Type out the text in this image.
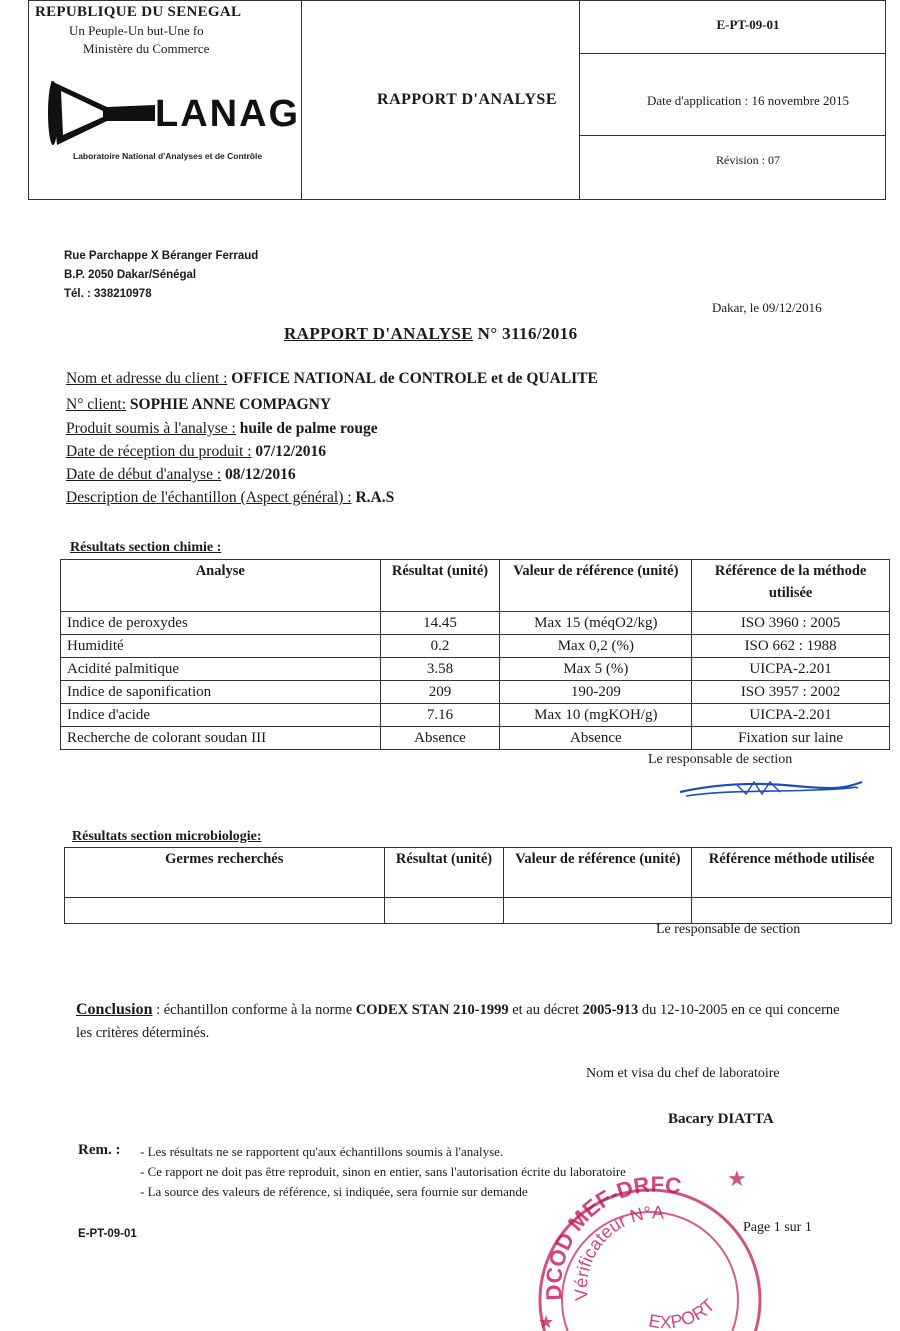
REPUBLIQUE DU SENEGAL
Un Peuple-Un but-Une fo
Ministère du Commerce
LANAG
Laboratoire National d'Analyses et de Contrôle
RAPPORT D'ANALYSE
E-PT-09-01
Date d'application : 16 novembre 2015
Révision : 07
Rue Parchappe X Béranger Ferraud
B.P. 2050 Dakar/Sénégal
Tél. : 338210978
Dakar, le 09/12/2016
RAPPORT D'ANALYSE N° 3116/2016
Nom et adresse du client : OFFICE NATIONAL de CONTROLE et de QUALITE
N° client: SOPHIE ANNE COMPAGNY
Produit soumis à l'analyse : huile de palme rouge
Date de réception du produit : 07/12/2016
Date de début d'analyse : 08/12/2016
Description de l'échantillon (Aspect général) : R.A.S
Résultats section chimie :
Analyse	Résultat (unité)	Valeur de référence (unité)	Référence de la méthode utilisée
Indice de peroxydes	14.45	Max 15 (méqO2/kg)	ISO 3960 : 2005
Humidité	0.2	Max 0,2 (%)	ISO 662 : 1988
Acidité palmitique	3.58	Max 5 (%)	UICPA-2.201
Indice de saponification	209	190-209	ISO 3957 : 2002
Indice d'acide	7.16	Max 10 (mgKOH/g)	UICPA-2.201
Recherche de colorant soudan III	Absence	Absence	Fixation sur laine
Le responsable de section
Résultats section microbiologie:
Germes recherchés	Résultat (unité)	Valeur de référence (unité)	Référence méthode utilisée

Le responsable de section
Conclusion : échantillon conforme à la norme CODEX STAN 210-1999 et au décret 2005-913 du 12-10-2005 en ce qui concerne les critères déterminés.
Nom et visa du chef de laboratoire
Bacary DIATTA
Rem. : - Les résultats ne se rapportent qu'aux échantillons soumis à l'analyse.
- Ce rapport ne doit pas être reproduit, sinon en entier, sans l'autorisation écrite du laboratoire
- La source des valeurs de référence, si indiquée, sera fournie sur demande
DCOD MEF-DRFC
Vérificateur N°A
EXPORT
★
★
E-PT-09-01	Page 1 sur 1
